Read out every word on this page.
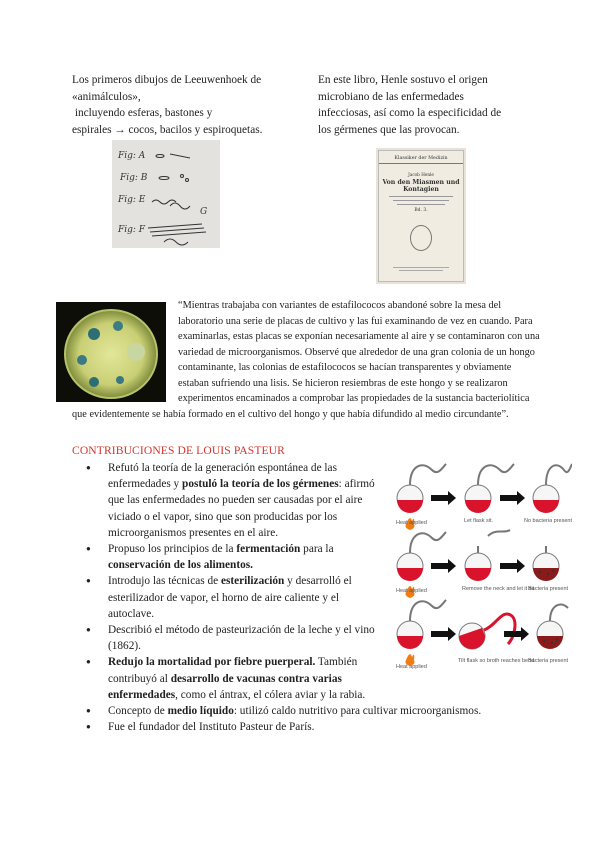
Los primeros dibujos de Leeuwenhoek de
«animálculos»,
incluyendo esferas, bastones y
espirales → cocos, bacilos y espiroquetas.
Fig: A
Fig: B
Fig: E
Fig: F
G
En este libro, Henle sostuvo el origen
microbiano de las enfermedades
infecciosas, así como la especificidad de
los gérmenes que las provocan.
Klassiker der Medizin
Jacob Henle
Von den Miasmen und Kontagien
Bd. 3.
“Mientras trabajaba con variantes de estafilococos abandoné sobre la mesa del laboratorio una serie de placas de cultivo y las fui examinando de vez en cuando. Para examinarlas, estas placas se exponían necesariamente al aire y se contaminaron con una variedad de microorganismos. Observé que alrededor de una gran colonia de un hongo contaminante, las colonias de estafilococos se hacían transparentes y obviamente estaban sufriendo una lisis. Se hicieron resiembras de este hongo y se realizaron experimentos encaminados a comprobar las propiedades de la sustancia bacteriolítica que evidentemente se había formado en el cultivo del hongo y que había difundido al medio circundante”.
CONTRIBUCIONES DE LOUIS PASTEUR
● Refutó la teoría de la generación espontánea de las enfermedades y postuló la teoría de los gérmenes: afirmó que las enfermedades no pueden ser causadas por el aire viciado o el vapor, sino que son producidas por los microorganismos presentes en el aire.
● Propuso los principios de la fermentación para la conservación de los alimentos.
● Introdujo las técnicas de esterilización y desarrolló el esterilizador de vapor, el horno de aire caliente y el autoclave.
● Describió el método de pasteurización de la leche y el vino (1862).
● Redujo la mortalidad por fiebre puerperal. También contribuyó al desarrollo de vacunas contra varias enfermedades, como el ántrax, el cólera aviar y la rabia.
● Concepto de medio líquido: utilizó caldo nutritivo para cultivar microorganismos.
● Fue el fundador del Instituto Pasteur de París.
Heat applied	Let flask sit.	No bacteria present
Heat applied	Remove the neck and let it sit
Bacteria present
Heat applied
Tilt flask so broth reaches bend
Bacteria present
